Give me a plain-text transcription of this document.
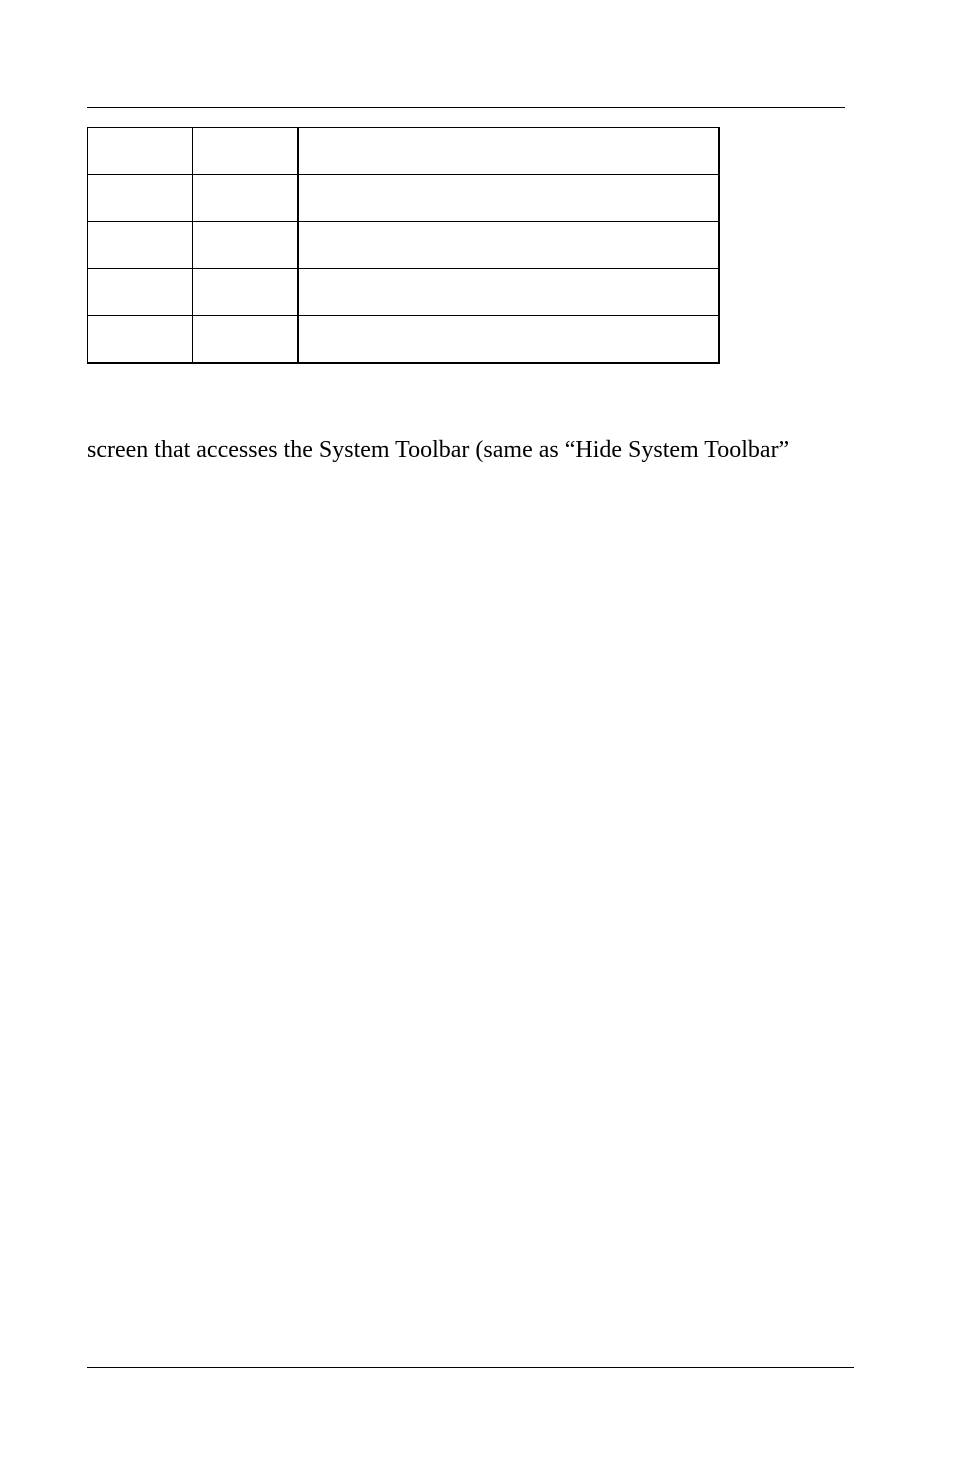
screen that accesses the System Toolbar (same as “Hide System Toolbar”
